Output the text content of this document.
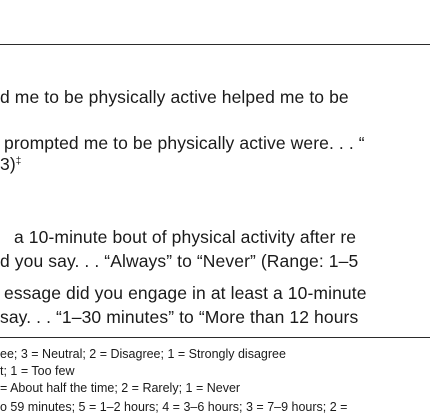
d me to be physically active helped me to be
prompted me to be physically active were. . . “
3)‡
a 10-minute bout of physical activity after re
d you say. . . “Always” to “Never” (Range: 1–5
essage did you engage in at least a 10-minute
say. . . “1–30 minutes” to “More than 12 hours
ee; 3 = Neutral; 2 = Disagree; 1 = Strongly disagree
t; 1 = Too few
= About half the time; 2 = Rarely; 1 = Never
o 59 minutes; 5 = 1–2 hours; 4 = 3–6 hours; 3 = 7–9 hours; 2 =
